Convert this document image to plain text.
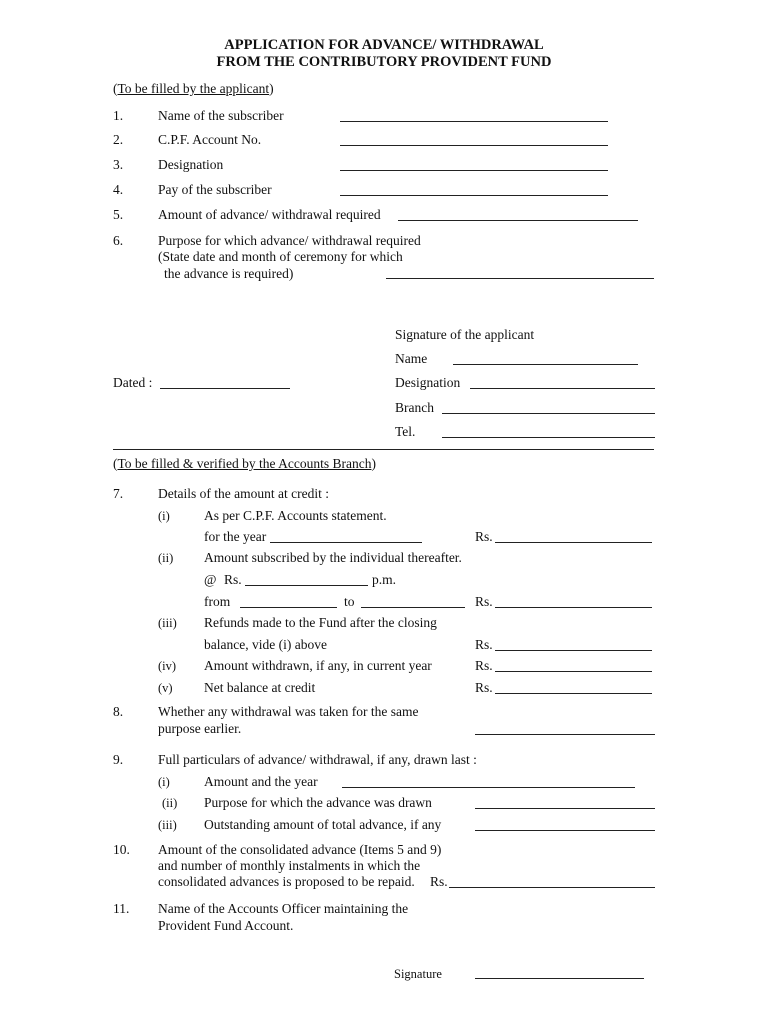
APPLICATION FOR ADVANCE/ WITHDRAWAL
FROM THE CONTRIBUTORY PROVIDENT FUND
(To be filled by the applicant)
1.	Name of the subscriber
2.	C.P.F. Account No.
3.	Designation
4.	Pay of the subscriber
5.	Amount of advance/ withdrawal required
6.	Purpose for which advance/ withdrawal required
(State date and month of ceremony for which
the advance is required)
Signature of the applicant
Name
Dated :	Designation
Branch
Tel.
(To be filled & verified by the Accounts Branch)
7.	Details of the amount at credit :
(i)	As per C.P.F. Accounts statement.
for the year	Rs.
(ii) Amount subscribed by the individual thereafter.
@ Rs.	p.m.
from	to	Rs.
(iii) Refunds made to the Fund after the closing
balance, vide (i) above	Rs.
(iv) Amount withdrawn, if any, in current year	Rs.
(v) Net balance at credit	Rs.
8.	Whether any withdrawal was taken for the same
purpose earlier.
9.	Full particulars of advance/ withdrawal, if any, drawn last :
(i)	Amount and the year
(ii) Purpose for which the advance was drawn
(iii) Outstanding amount of total advance, if any
10. Amount of the consolidated advance (Items 5 and 9)
and number of monthly instalments in which the
consolidated advances is proposed to be repaid. Rs.
11. Name of the Accounts Officer maintaining the
Provident Fund Account.
Signature
